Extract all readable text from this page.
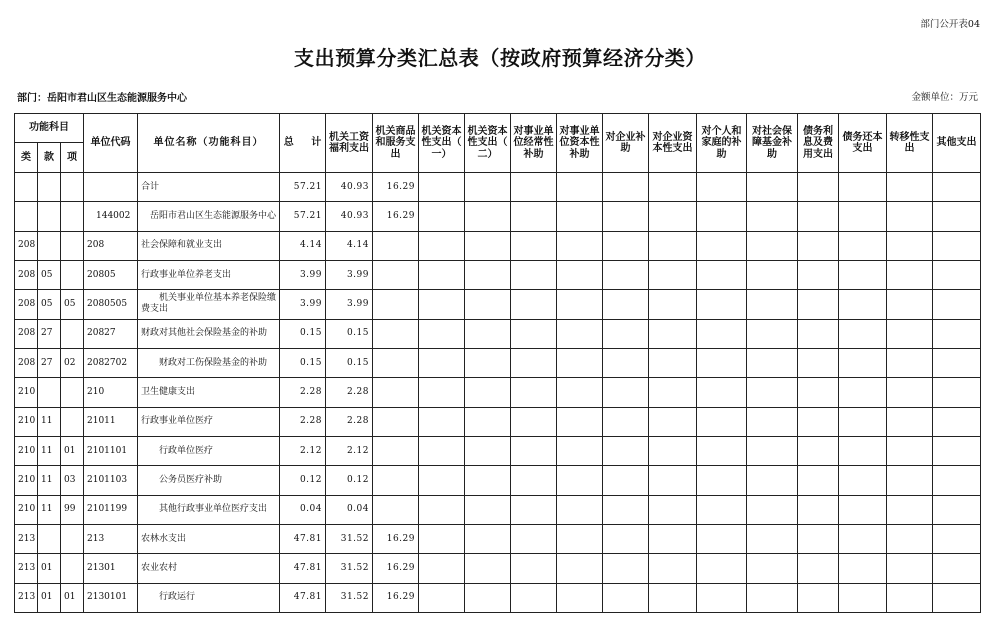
部门公开表04
支出预算分类汇总表（按政府预算经济分类）
部门：岳阳市君山区生态能源服务中心	金额单位：万元
功能科目			单位代码	单位名称（功能科目）	总 计	机关工资福利支出	机关商品和服务支出	机关资本性支出（一）	机关资本性支出（二）	对事业单位经常性补助	对事业单位资本性补助	对企业补助	对企业资本性支出	对个人和家庭的补助	对社会保障基金补助	债务利息及费用支出	债务还本支出	转移性支出	其他支出
类	款	项																	
				合计	57.21	40.93	16.29												
			144002	岳阳市君山区生态能源服务中心	57.21	40.93	16.29												
208			208	社会保障和就业支出	4.14	4.14													
208	05		20805	行政事业单位养老支出	3.99	3.99													
208	05	05	2080505	机关事业单位基本养老保险缴费支出	3.99	3.99													
208	27		20827	财政对其他社会保险基金的补助	0.15	0.15													
208	27	02	2082702	财政对工伤保险基金的补助	0.15	0.15													
210			210	卫生健康支出	2.28	2.28													
210	11		21011	行政事业单位医疗	2.28	2.28													
210	11	01	2101101	行政单位医疗	2.12	2.12													
210	11	03	2101103	公务员医疗补助	0.12	0.12													
210	11	99	2101199	其他行政事业单位医疗支出	0.04	0.04													
213			213	农林水支出	47.81	31.52	16.29												
213	01		21301	农业农村	47.81	31.52	16.29												
213	01	01	2130101	行政运行	47.81	31.52	16.29												
